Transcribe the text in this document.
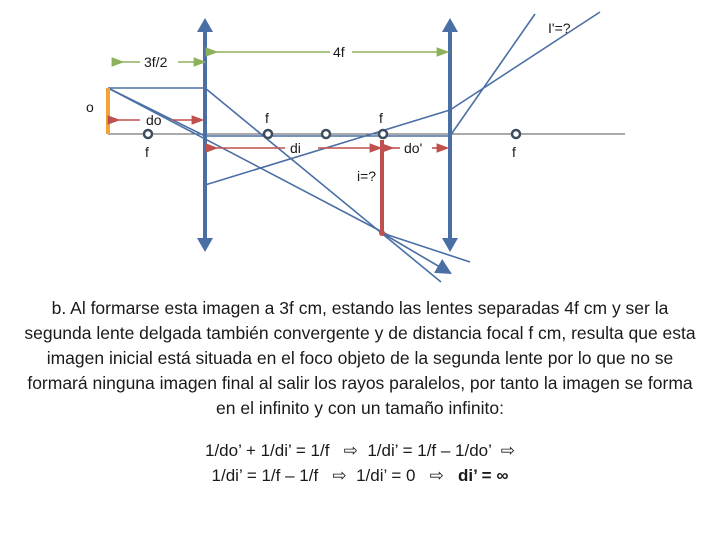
o
3f/2
4f
do
f
f	f
f
di	do'
i=?
I'=?

b. Al formarse esta imagen a 3f cm, estando las lentes separadas 4f cm y ser la segunda lente delgada también convergente y de distancia focal f cm, resulta que esta imagen inicial está situada en el foco objeto de la segunda lente por lo que no se formará ninguna imagen final al salir los rayos paralelos, por tanto la imagen se forma en el infinito y con un tamaño infinito:

1/do’ + 1/di’ = 1/f ⇨ 1/di’ = 1/f – 1/do’ ⇨
1/di’ = 1/f – 1/f ⇨ 1/di’ = 0 ⇨ di’ = ∞
